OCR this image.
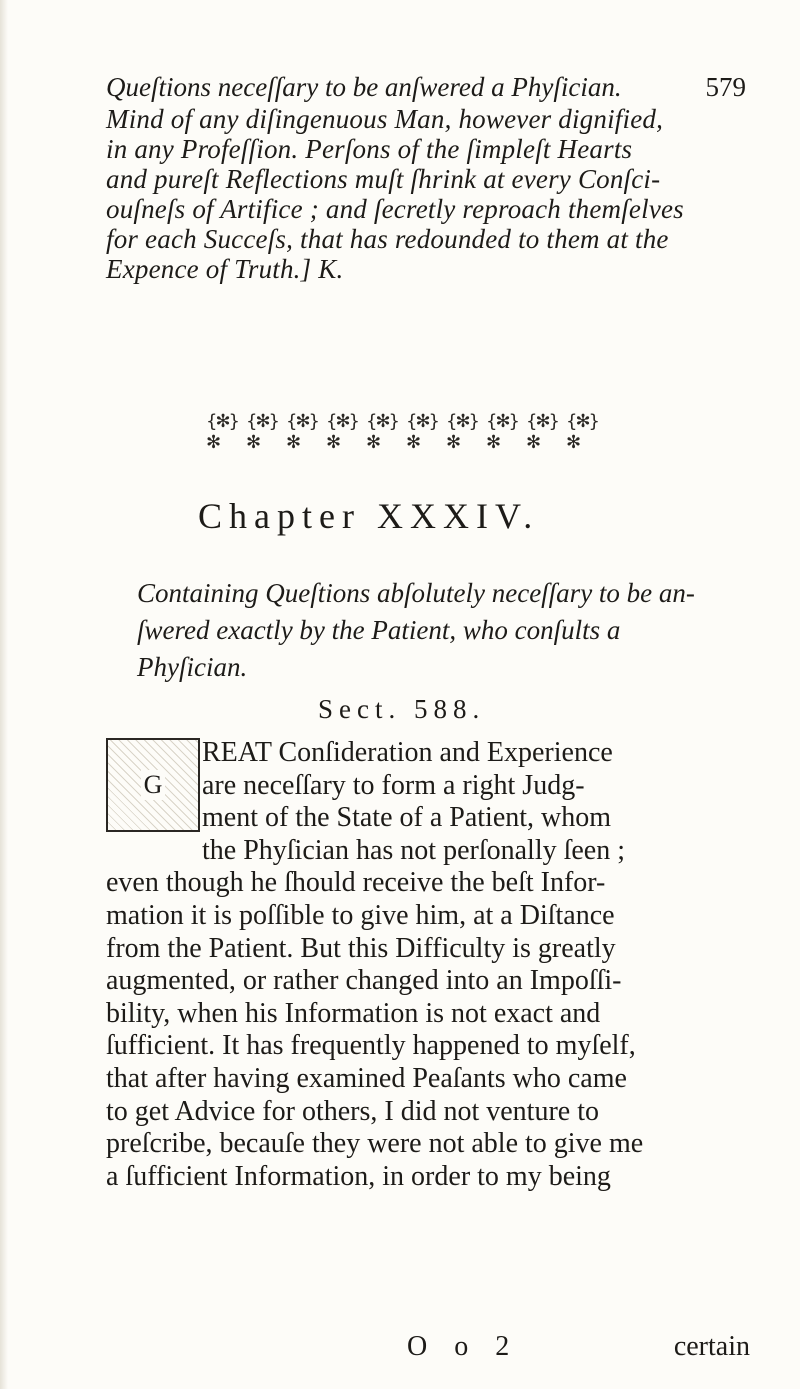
Queſtions neceſſary to be anſwered a Phyſician.	579
Mind of any diſingenuous Man, however dignified,
in any Profeſſion. Perſons of the ſimpleſt Hearts
and pureſt Reflections muſt ſhrink at every Conſci-
ouſneſs of Artifice ; and ſecretly reproach themſelves
for each Succeſs, that has redounded to them at the
Expence of Truth.] K.
{✻}✻
{✻}✻
{✻}✻
{✻}✻
{✻}✻
{✻}✻
{✻}✻
{✻}✻
{✻}✻
{✻}✻
Chapter XXXIV.
Containing Queſtions abſolutely neceſſary to be an-
ſwered exactly by the Patient, who conſults a
Phyſician.
Sect. 588.
G
REAT Conſideration and Experience
are neceſſary to form a right Judg-
ment of the State of a Patient, whom
the Phyſician has not perſonally ſeen ;
even though he ſhould receive the beſt Infor-
mation it is poſſible to give him, at a Diſtance
from the Patient. But this Difficulty is greatly
augmented, or rather changed into an Impoſſi-
bility, when his Information is not exact and
ſufficient. It has frequently happened to myſelf,
that after having examined Peaſants who came
to get Advice for others, I did not venture to
preſcribe, becauſe they were not able to give me
a ſufficient Information, in order to my being
O o 2	certain
